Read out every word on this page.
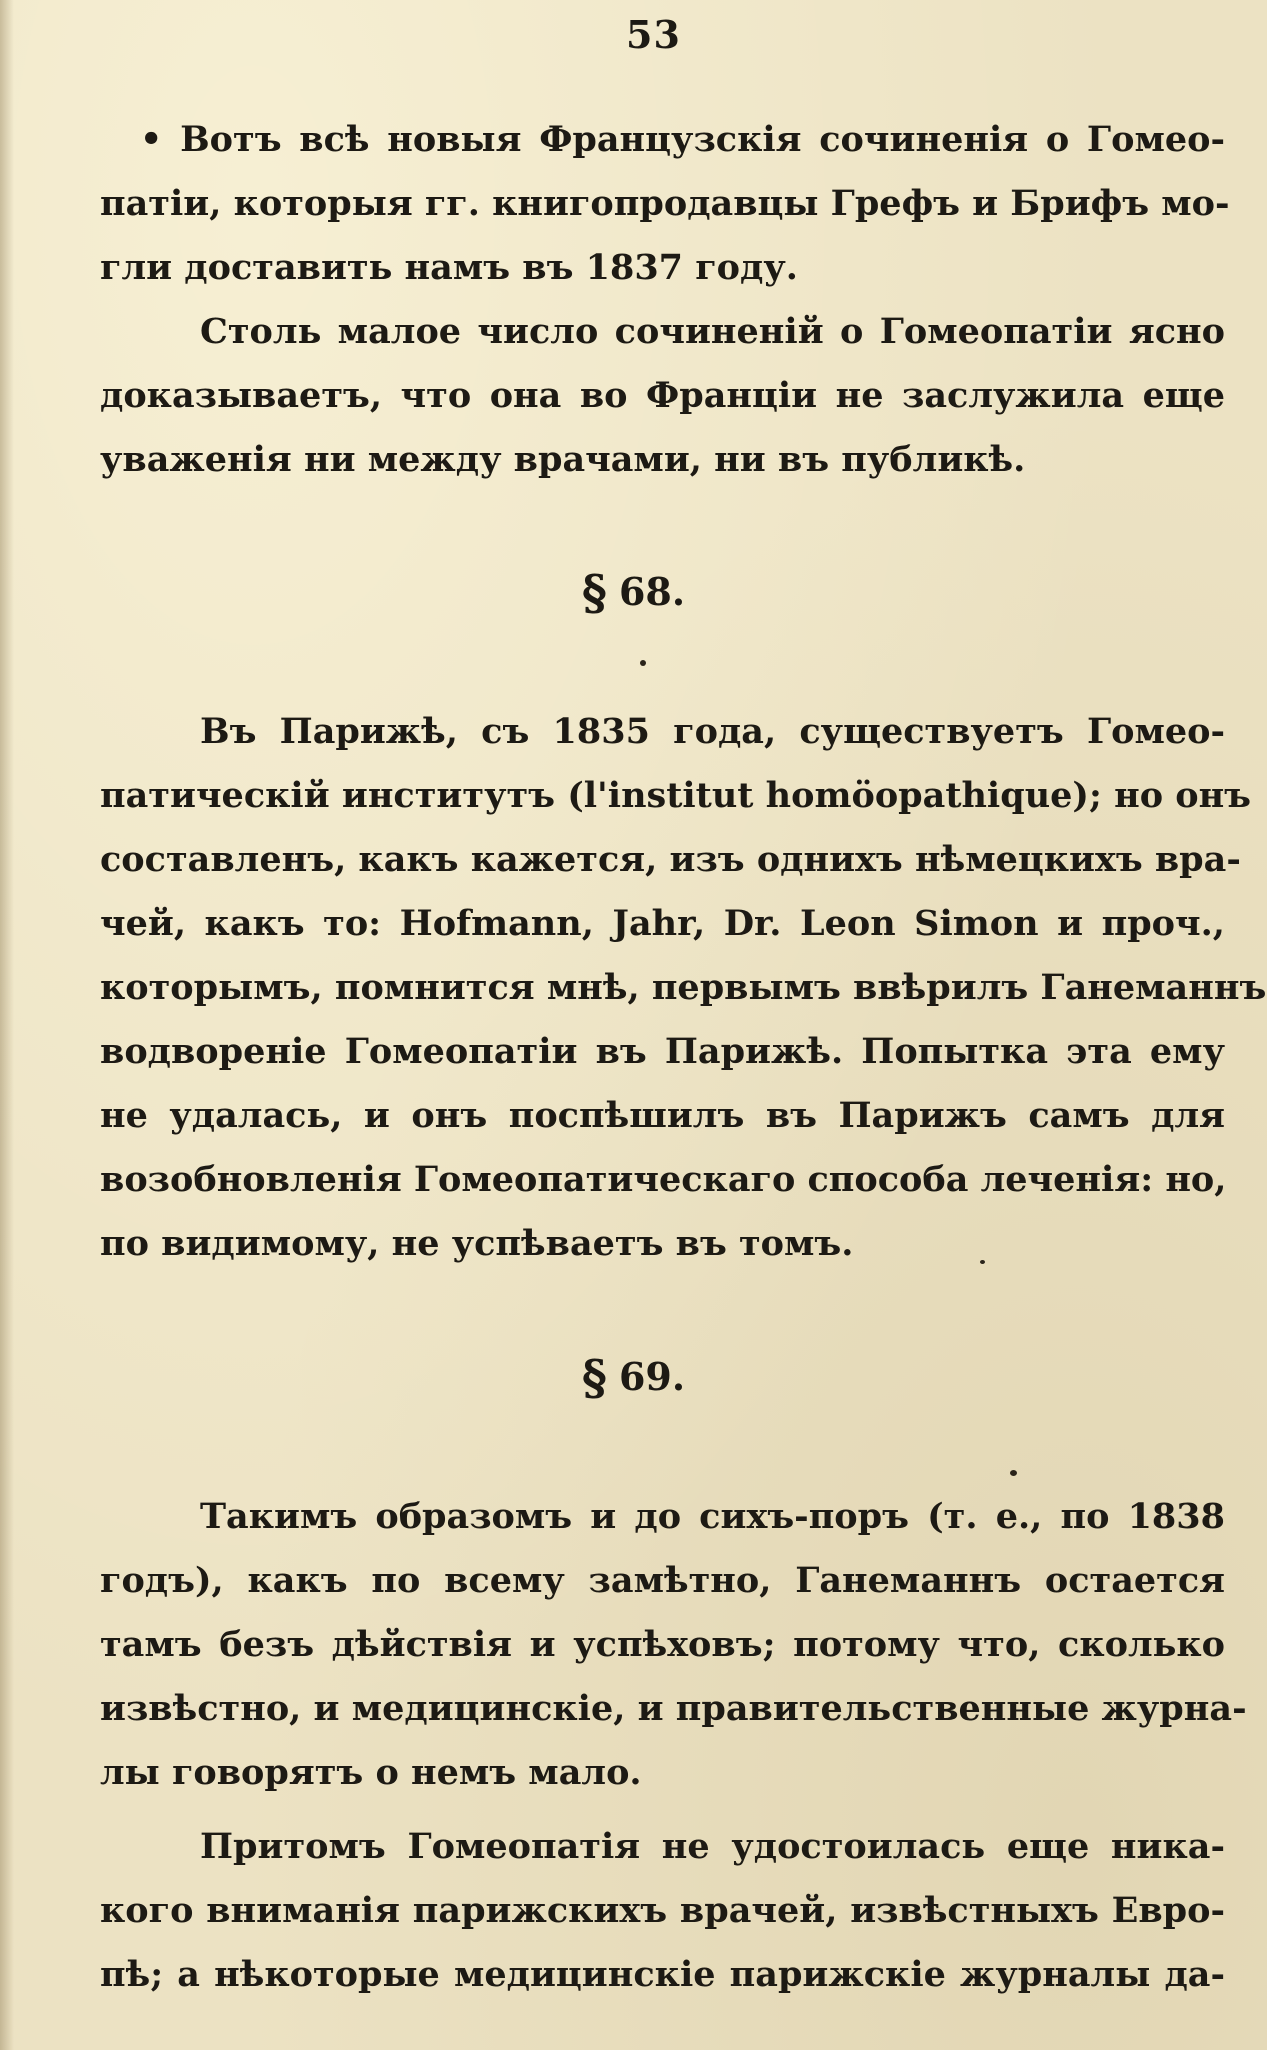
53
• Вотъ всѣ новыя Французскія сочиненія о Гомео-
патіи, которыя гг. книгопродавцы Грефъ и Брифъ мо-
гли доставить намъ въ 1837 году.
Столь малое число сочиненій о Гомеопатіи ясно
доказываетъ, что она во Франціи не заслужила еще
уваженія ни между врачами, ни въ публикѣ.
§ 68.
Въ Парижѣ, съ 1835 года, существуетъ Гомео-
патическій институтъ (l'institut homöopathique); но онъ
составленъ, какъ кажется, изъ однихъ нѣмецкихъ вра-
чей, какъ то: Hofmann, Jahr, Dr. Leon Simon и проч.,
которымъ, помнится мнѣ, первымъ ввѣрилъ Ганеманнъ
водвореніе Гомеопатіи въ Парижѣ. Попытка эта ему
не удалась, и онъ поспѣшилъ въ Парижъ самъ для
возобновленія Гомеопатическаго способа леченія: но,
по видимому, не успѣваетъ въ томъ.
§ 69.
Такимъ образомъ и до сихъ-поръ (т. е., по 1838
годъ), какъ по всему замѣтно, Ганеманнъ остается
тамъ безъ дѣйствія и успѣховъ; потому что, сколько
извѣстно, и медицинскіе, и правительственные журна-
лы говорятъ о немъ мало.
Притомъ Гомеопатія не удостоилась еще никa-
кого вниманія парижскихъ врачей, извѣстныхъ Евро-
пѣ; а нѣкоторые медицинскіе парижскіе журналы да-
